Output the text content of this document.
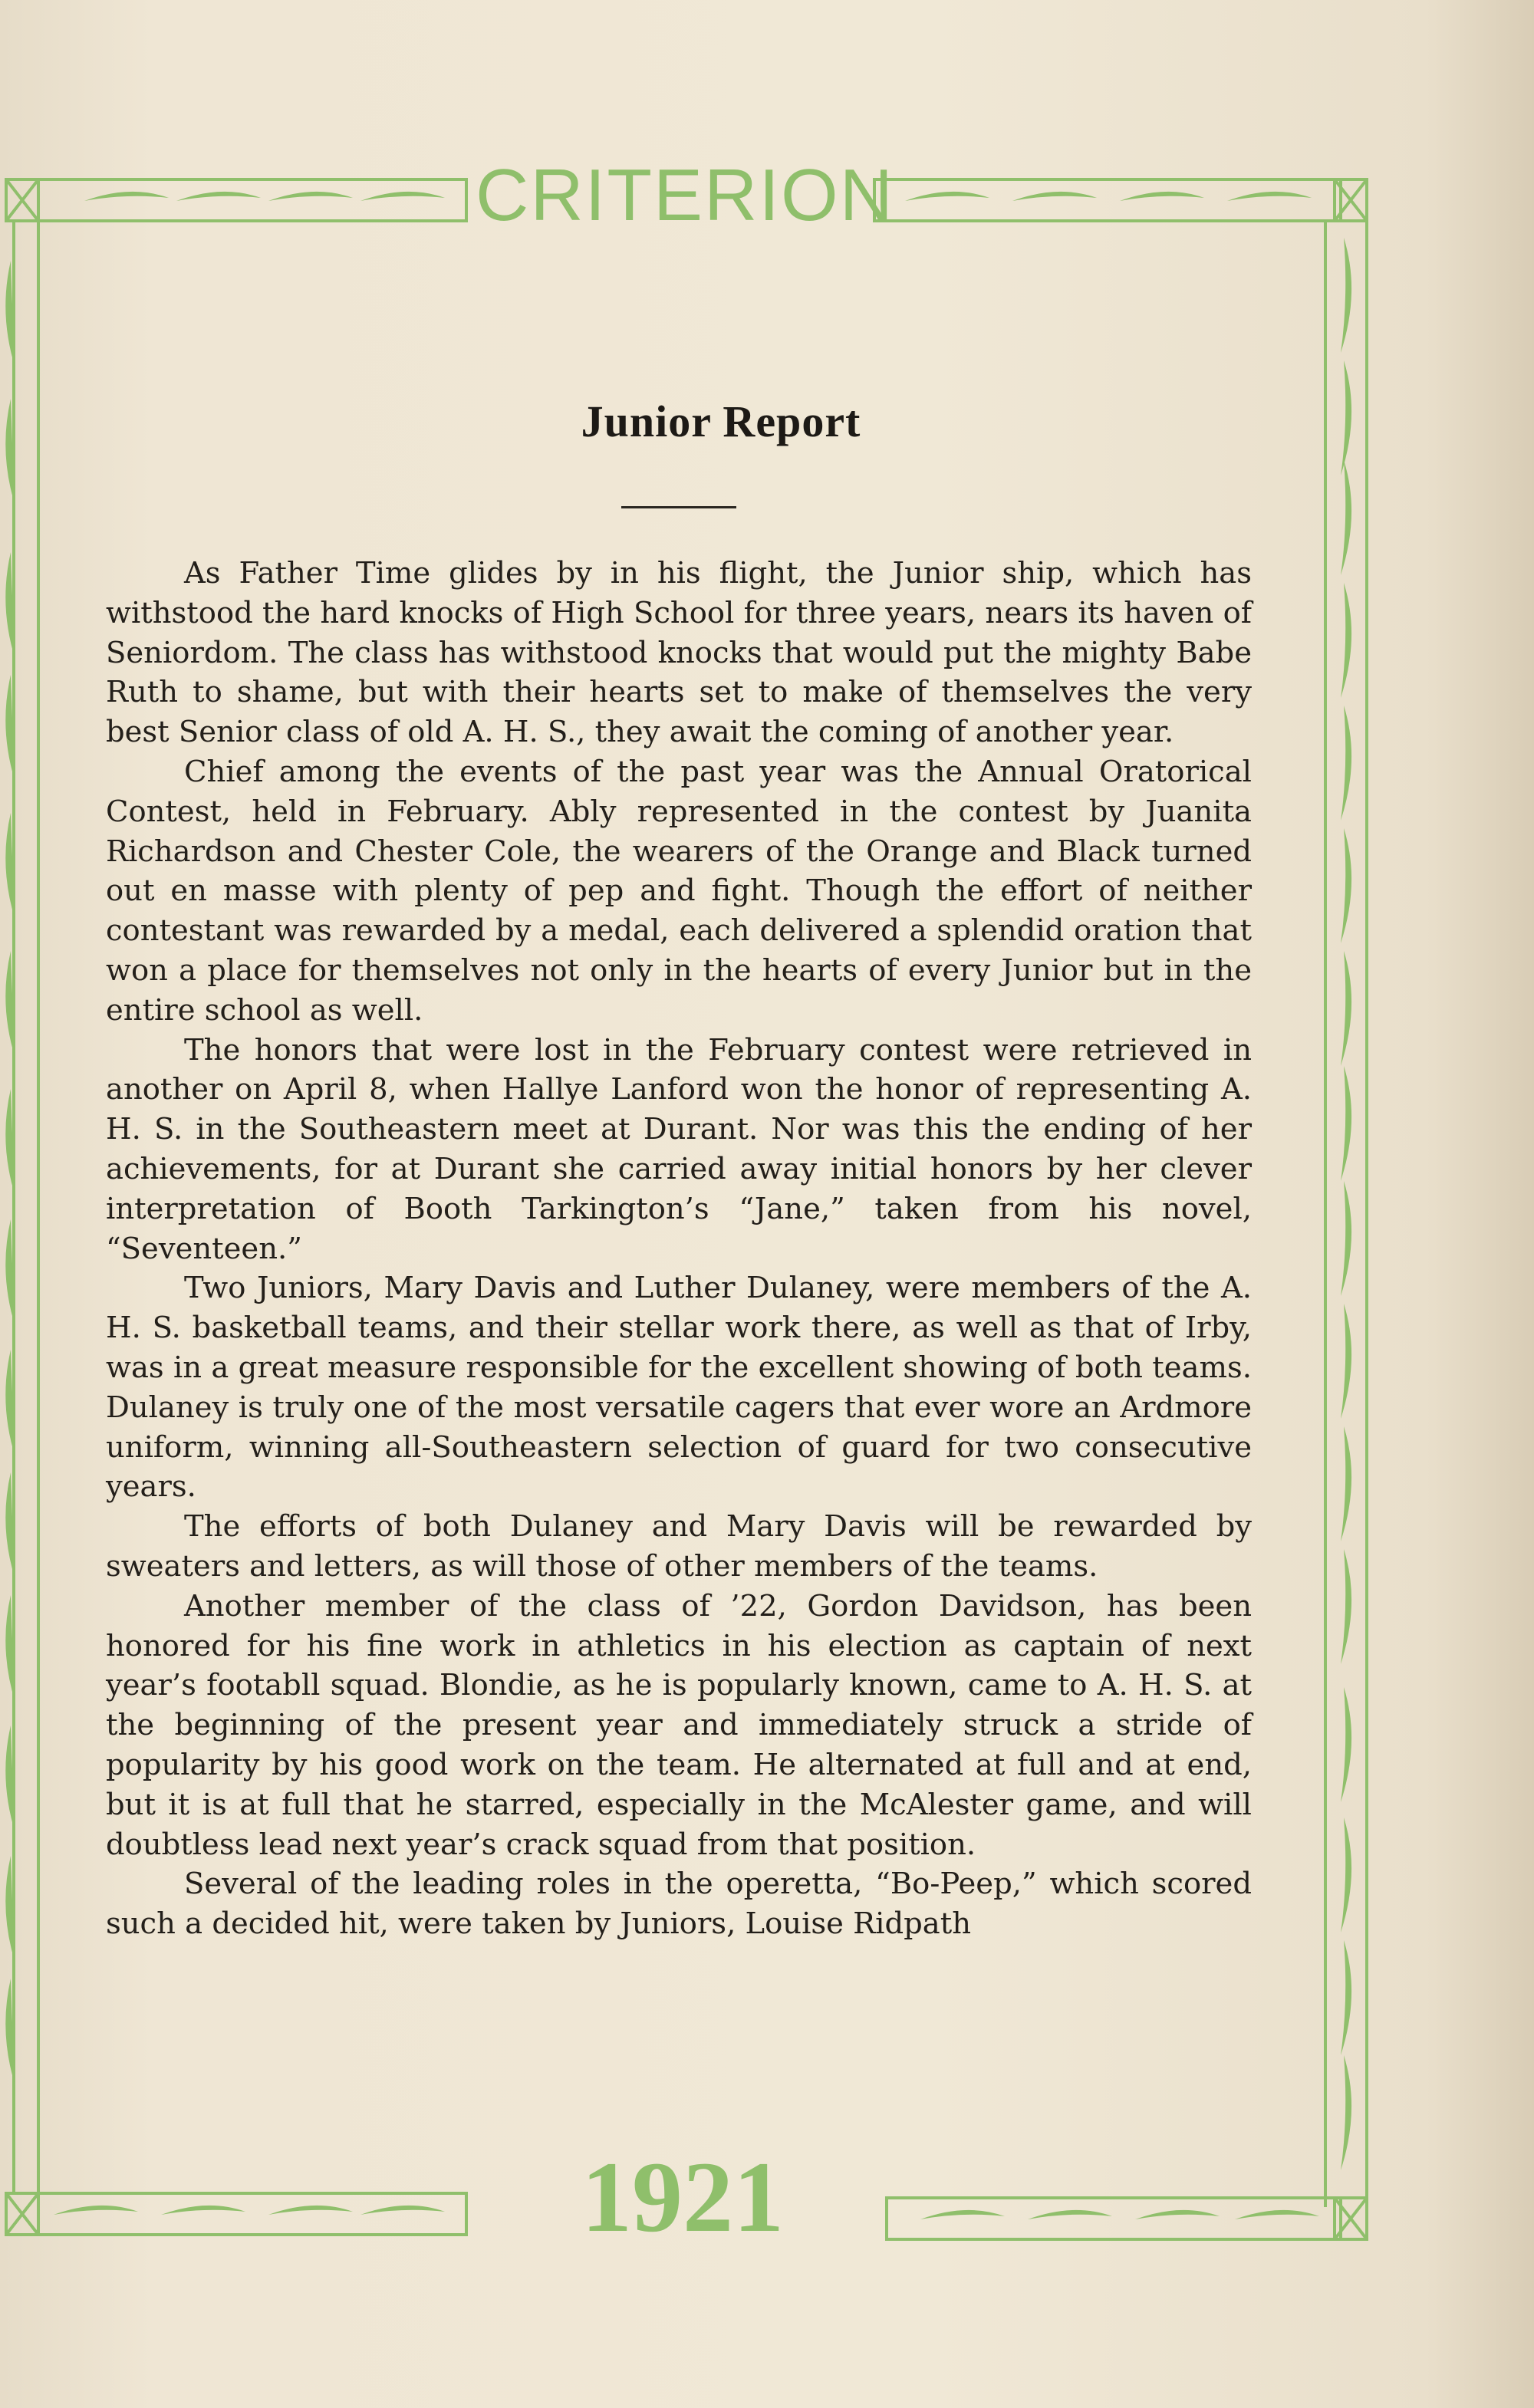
CRITERION
Junior Report

As Father Time glides by in his flight, the Junior ship, which has withstood the hard knocks of High School for three years, nears its haven of Seniordom. The class has withstood knocks that would put the mighty Babe Ruth to shame, but with their hearts set to make of themselves the very best Senior class of old A. H. S., they await the coming of another year.

Chief among the events of the past year was the Annual Oratorical Contest, held in February. Ably represented in the contest by Juanita Richardson and Chester Cole, the wearers of the Orange and Black turned out en masse with plenty of pep and fight. Though the effort of neither contestant was rewarded by a medal, each delivered a splendid oration that won a place for themselves not only in the hearts of every Junior but in the entire school as well.

The honors that were lost in the February contest were retrieved in another on April 8, when Hallye Lanford won the honor of representing A. H. S. in the Southeastern meet at Durant. Nor was this the ending of her achievements, for at Durant she carried away initial honors by her clever interpretation of Booth Tarkington’s “Jane,” taken from his novel, “Seventeen.”

Two Juniors, Mary Davis and Luther Dulaney, were members of the A. H. S. basketball teams, and their stellar work there, as well as that of Irby, was in a great measure responsible for the excellent showing of both teams. Dulaney is truly one of the most versatile cagers that ever wore an Ardmore uniform, winning all-Southeastern selection of guard for two consecutive years.

The efforts of both Dulaney and Mary Davis will be rewarded by sweaters and letters, as will those of other members of the teams.

Another member of the class of ’22, Gordon Davidson, has been honored for his fine work in athletics in his election as captain of next year’s footabll squad. Blondie, as he is popularly known, came to A. H. S. at the beginning of the present year and immediately struck a stride of popularity by his good work on the team. He alternated at full and at end, but it is at full that he starred, especially in the McAlester game, and will doubtless lead next year’s crack squad from that position.

Several of the leading roles in the operetta, “Bo-Peep,” which scored such a decided hit, were taken by Juniors, Louise Ridpath

1921
